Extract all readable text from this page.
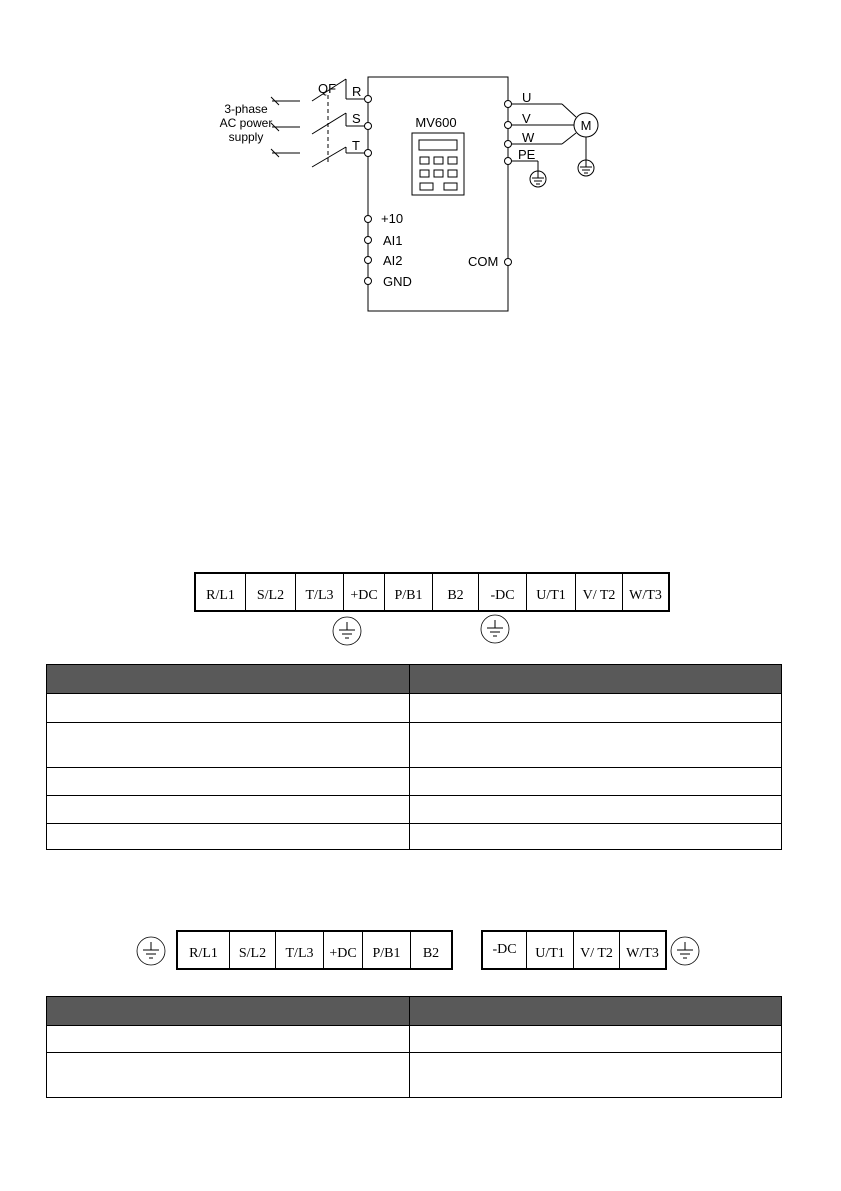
3-phase
AC power
supply
QF
MV600
R
S
T
+10
AI1
AI2
GND
COM
U
V
W
PE
M
R/L1	S/L2	T/L3	+DC	P/B1	B2	-DC	U/T1	V/ T2 W/T3

R/L1	S/L2	T/L3	+DC	P/B1	B2	-DC	U/T1	V/ T2 W/T3
